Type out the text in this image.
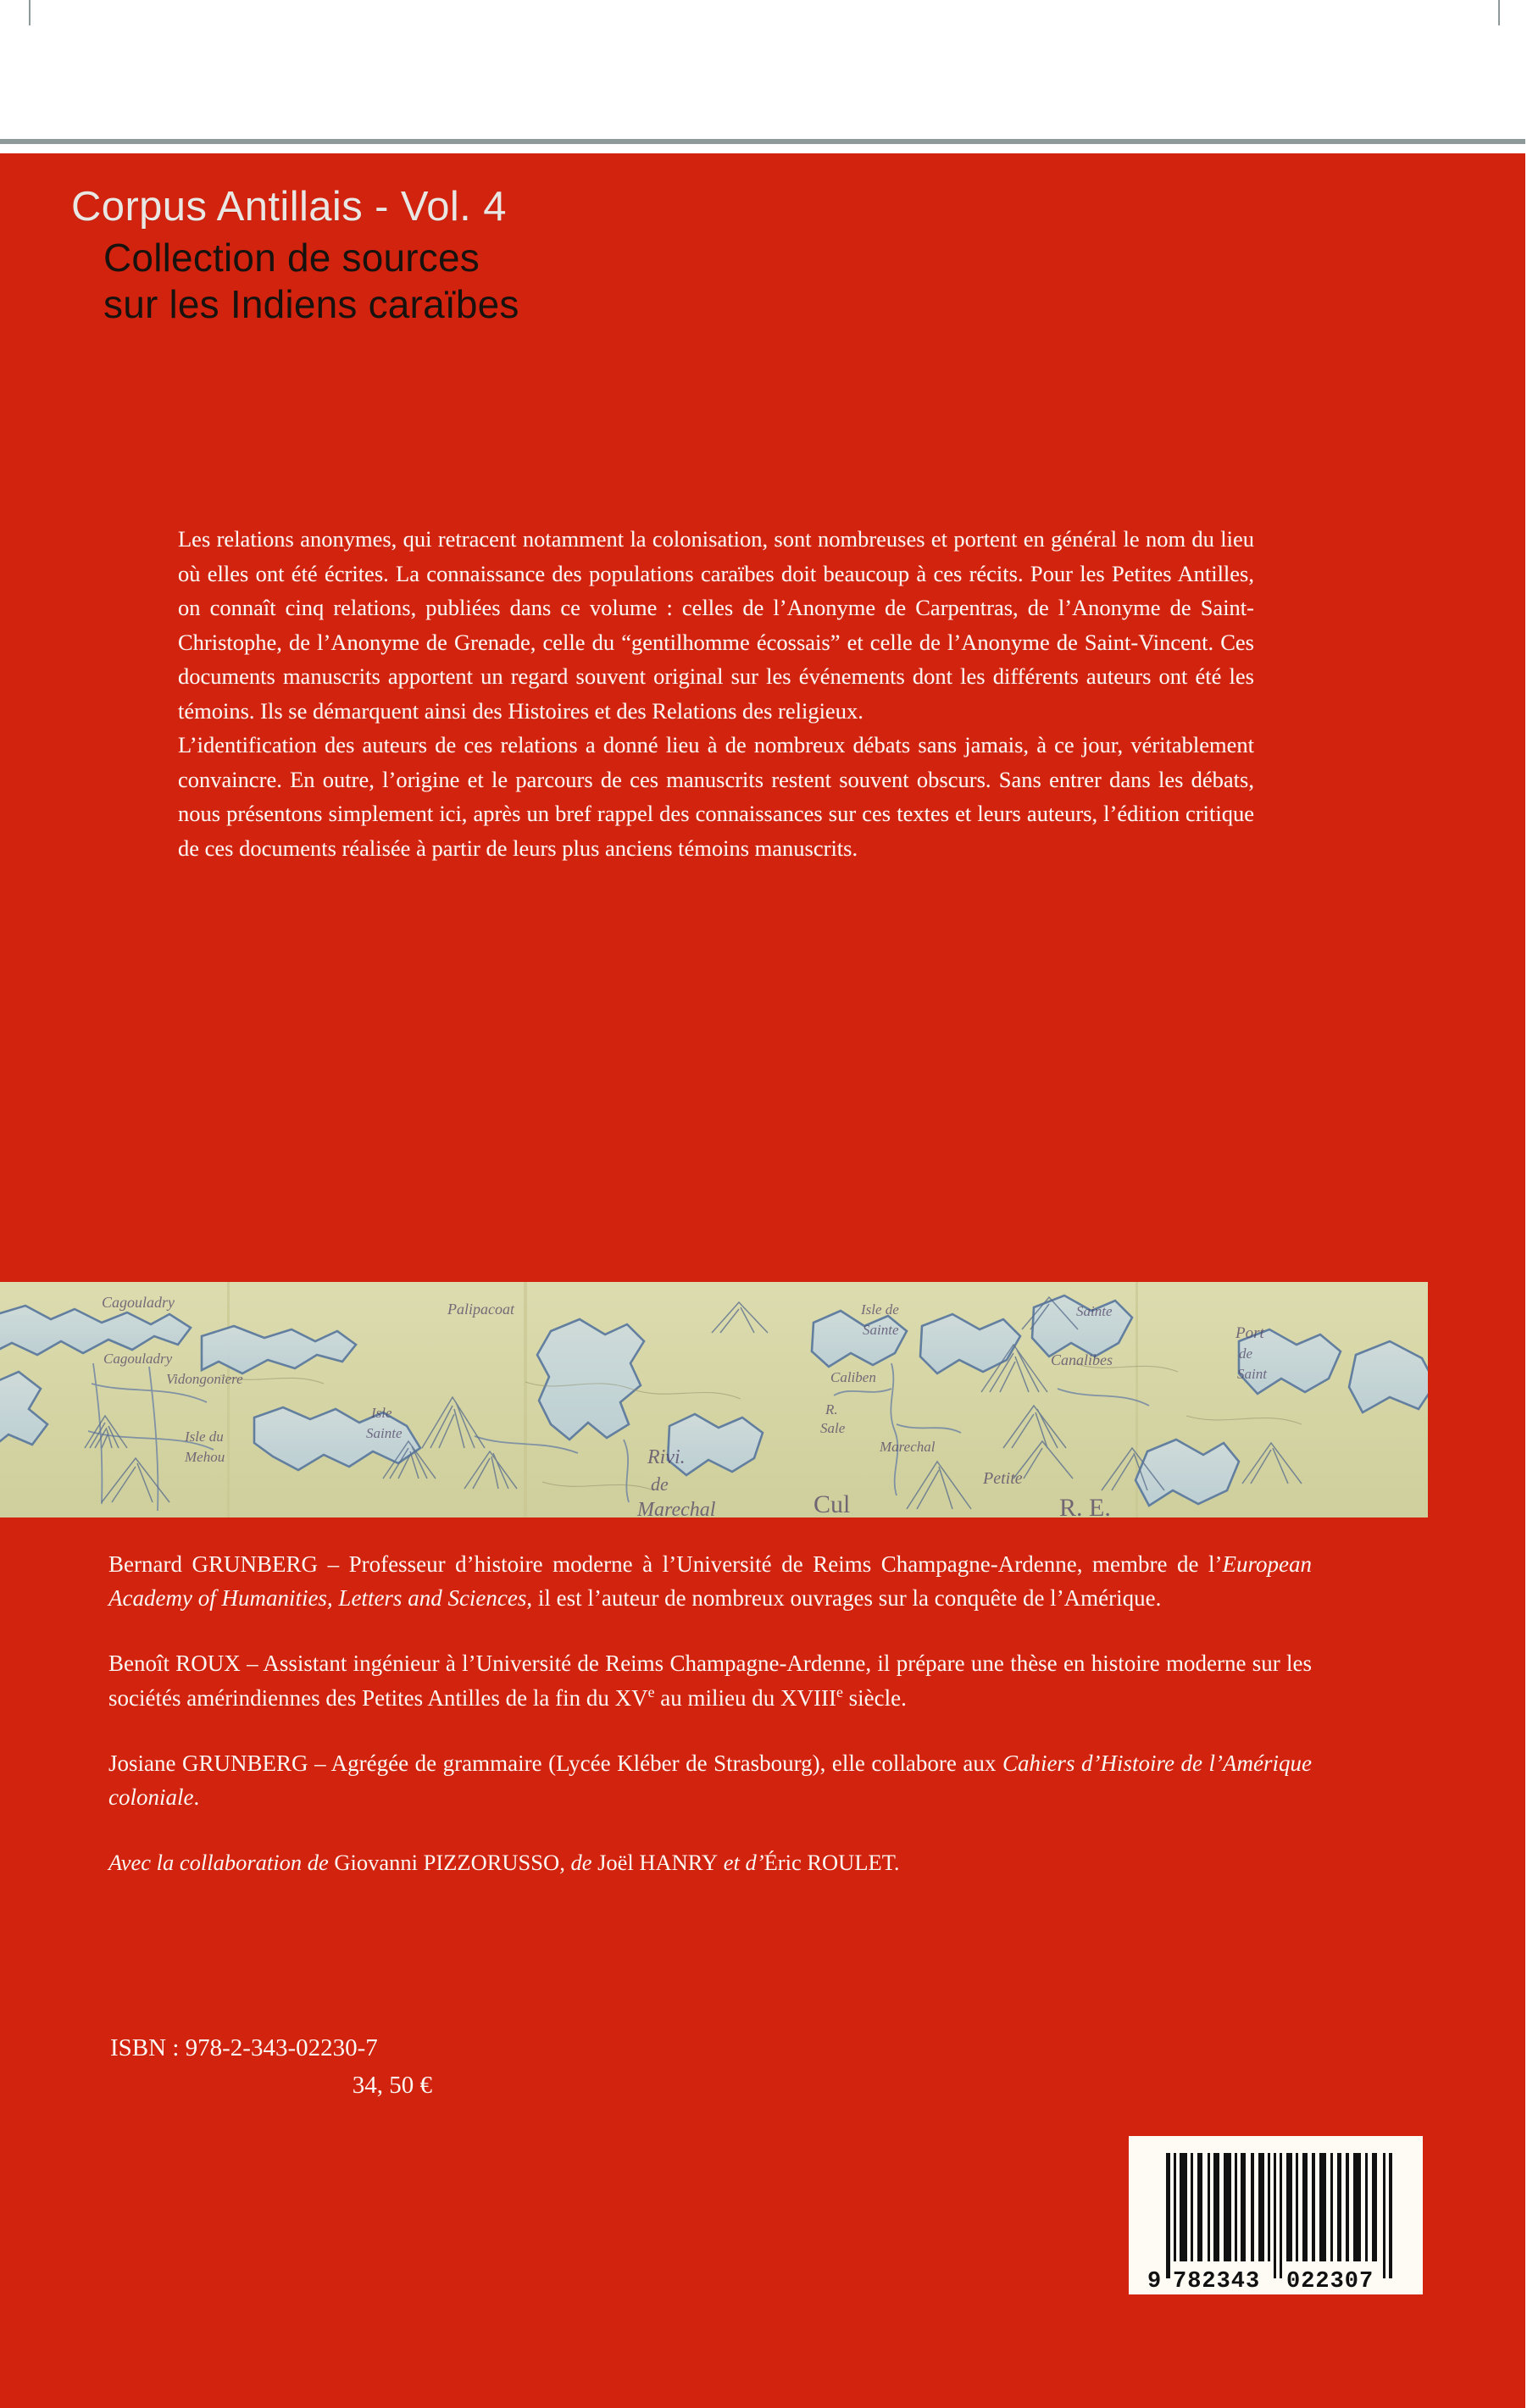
Corpus Antillais - Vol. 4
Collection de sources
sur les Indiens caraïbes

Les relations anonymes, qui retracent notamment la colonisation, sont nombreuses et portent en général le nom du lieu où elles ont été écrites. La connaissance des populations caraïbes doit beaucoup à ces récits. Pour les Petites Antilles, on connaît cinq relations, publiées dans ce volume : celles de l’Anonyme de Carpentras, de l’Anonyme de Saint-Christophe, de l’Anonyme de Grenade, celle du “gentilhomme écossais” et celle de l’Anonyme de Saint-Vincent. Ces documents manuscrits apportent un regard souvent original sur les événements dont les différents auteurs ont été les témoins. Ils se démarquent ainsi des Histoires et des Relations des religieux.

L’identification des auteurs de ces relations a donné lieu à de nombreux débats sans jamais, à ce jour, véritablement convaincre. En outre, l’origine et le parcours de ces manuscrits restent souvent obscurs. Sans entrer dans les débats, nous présentons simplement ici, après un bref rappel des connaissances sur ces textes et leurs auteurs, l’édition critique de ces documents réalisée à partir de leurs plus anciens témoins manuscrits.

Cagouladry
Cagouladry
Vidongoniere
Isle du
Mehou
Isle
Sainte
Palipacoat	Isle de
Sainte
Canalibes
Sainte
Caliben
R.
Sale
Marechal
Port
de
Saint
Rivi.
de
Marechal
Petite
Cul	R. E.

Bernard GRUNBERG – Professeur d’histoire moderne à l’Université de Reims Champagne-Ardenne, membre de l’European Academy of Humanities, Letters and Sciences, il est l’auteur de nombreux ouvrages sur la conquête de l’Amérique.

Benoît ROUX – Assistant ingénieur à l’Université de Reims Champagne-Ardenne, il prépare une thèse en histoire moderne sur les sociétés amérindiennes des Petites Antilles de la fin du XVe au milieu du XVIIIe siècle.

Josiane GRUNBERG – Agrégée de grammaire (Lycée Kléber de Strasbourg), elle collabore aux Cahiers d’Histoire de l’Amérique coloniale.

Avec la collaboration de Giovanni PIZZORUSSO, de Joël HANRY et d’Éric ROULET.

ISBN : 978-2-343-02230-7
34, 50 €
9 782343 022307
